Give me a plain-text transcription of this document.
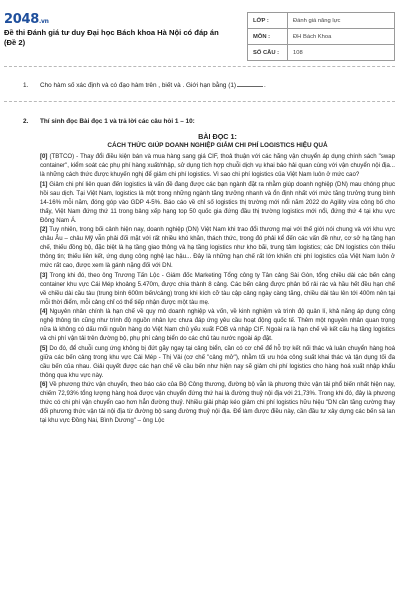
2048.vn
Đề thi Đánh giá tư duy Đại học Bách khoa Hà Nội có đáp án (Đề 2)
LỚP :	Đánh giá năng lực
MÔN :	ĐH Bách Khoa
SỐ CÂU :	108
1. Cho hàm số xác định và có đạo hàm trên , biết và . Giới hạn bằng (1)	.
2. Thí sinh đọc Bài đọc 1 và trả lời các câu hỏi 1 – 10:
BÀI ĐỌC 1:
CÁCH THỨC GIÚP DOANH NGHIỆP GIẢM CHI PHÍ LOGISTICS HIỆU QUẢ

[0] (TBTCO) - Thay đổi điều kiện bán và mua hàng sang giá CIF, thoả thuận với các hãng vận chuyển áp dụng chính sách "swap container", kiểm soát các phụ phí hàng xuất/nhập, sử dụng tích hợp chuỗi dịch vụ khai báo hải quan cùng với vận chuyển nội địa... là những cách thức được khuyến nghị để giảm chi phí logistics. Vì sao chi phí logistics của Việt Nam luôn ở mức cao?

[1] Giảm chi phí liên quan đến logistics là vấn đề đang được các bạn ngành đặt ra nhằm giúp doanh nghiệp (DN) mau chóng phục hồi sau dịch. Tại Việt Nam, logistics là một trong những ngành tăng trưởng nhanh và ổn định nhất với mức tăng trưởng trung bình 14-16% mỗi năm, đóng góp vào GDP 4-5%. Báo cáo về chỉ số logistics thị trường mới nổi năm 2022 do Agility vừa công bố cho thấy, Việt Nam đứng thứ 11 trong bảng xếp hạng top 50 quốc gia đứng đầu thị trường logistics mới nổi, đứng thứ 4 tại khu vực Đông Nam Á.

[2] Tuy nhiên, trong bối cảnh hiện nay, doanh nghiệp (DN) Việt Nam khi trao đổi thương mại với thế giới nói chung và với khu vực châu Âu – châu Mỹ vẫn phải đối mặt với rất nhiều khó khăn, thách thức, trong đó phải kể đến các vấn đề như, cơ sở hạ tầng hạn chế, thiếu đồng bộ, đặc biệt là hạ tầng giao thông và hạ tầng logistics như kho bãi, trung tâm logistics; các DN logistics còn thiếu thông tin; thiếu liên kết, ứng dụng công nghệ lạc hậu... Đây là những hạn chế rất lớn khiến chi phí logistics của Việt Nam luôn ở mức rất cao, được xem là gánh nặng đối với DN.

[3] Trong khi đó, theo ông Trương Tấn Lộc - Giám đốc Marketing Tổng công ty Tân cảng Sài Gòn, tổng chiều dài các bến cảng container khu vực Cái Mép khoảng 5.470m, được chia thành 8 cảng. Các bến cảng được phân bố rải rác và hầu hết đều hạn chế về chiều dài cầu tàu (trung bình 600m bến/cảng) trong khi kích cỡ tàu cập cảng ngày càng tăng, chiều dài tàu lên tới 400m nên tại mỗi thời điểm, mỗi cảng chỉ có thể tiếp nhận được một tàu mẹ.

[4] Nguyên nhân chính là hạn chế về quy mô doanh nghiệp và vốn, về kinh nghiệm và trình độ quản lí, khả năng áp dụng công nghệ thông tin cũng như trình độ nguồn nhân lực chưa đáp ứng yêu cầu hoạt động quốc tế. Thêm một nguyên nhân quan trọng nữa là không có dấu mối nguồn hàng do Việt Nam chủ yếu xuất FOB và nhập CIF. Ngoài ra là hạn chế về kết cấu hạ tầng logistics và chi phí vận tải trên đường bộ, phụ phí cảng biển do các chủ tàu nước ngoài áp đặt.

[5] Do đó, để chuỗi cung ứng không bị đứt gãy ngay tại cảng biển, cần có cơ chế để hỗ trợ kết nối thác và luân chuyển hàng hoá giữa các bến cảng trong khu vực Cái Mép - Thị Vải (cơ chế "cảng mở"), nhằm tối ưu hóa công suất khai thác và tận dụng tối đa cầu bến của nhau. Giải quyết được các hạn chế về cầu bến như hiện nay sẽ giảm chi phí logistics cho hàng hoá xuất nhập khẩu thông qua khu vực này.

[6] Về phương thức vận chuyển, theo báo cáo của Bộ Công thương, đường bộ vẫn là phương thức vận tải phổ biến nhất hiện nay, chiếm 72,93% tổng lượng hàng hoá được vận chuyển đứng thứ hai là đường thuỷ nội địa với 21,73%. Trong khi đó, đây là phương thức có chi phí vận chuyển cao hơn hẳn đường thuỷ. Nhiều giải pháp kéo giảm chi phí logistics hữu hiệu "DN cần tăng cường thay đổi phương thức vận tải nội địa từ đường bộ sang đường thuỷ nội địa. Để làm được điều này, cần đầu tư xây dựng các bến sà lan tại khu vực Đồng Nai, Bình Dương" – ông Lộc
